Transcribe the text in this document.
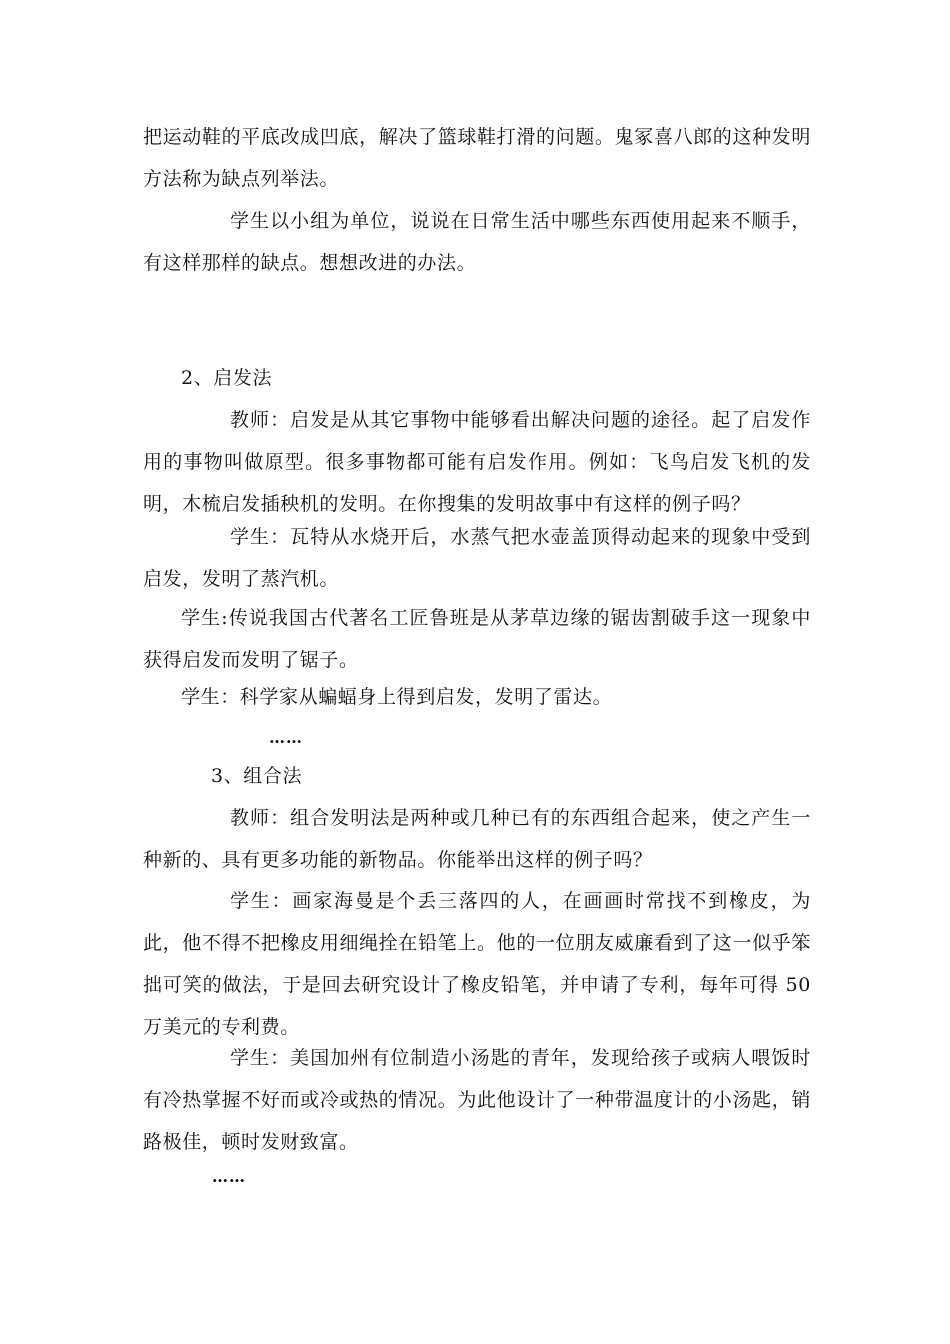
把运动鞋的平底改成凹底，解决了篮球鞋打滑的问题。鬼冢喜八郎的这种发明方法称为缺点列举法。

学生以小组为单位，说说在日常生活中哪些东西使用起来不顺手，有这样那样的缺点。想想改进的办法。

2、启发法

教师：启发是从其它事物中能够看出解决问题的途径。起了启发作用的事物叫做原型。很多事物都可能有启发作用。例如：飞鸟启发飞机的发明，木梳启发插秧机的发明。在你搜集的发明故事中有这样的例子吗？

学生：瓦特从水烧开后，水蒸气把水壶盖顶得动起来的现象中受到启发，发明了蒸汽机。

学生:传说我国古代著名工匠鲁班是从茅草边缘的锯齿割破手这一现象中获得启发而发明了锯子。

学生：科学家从蝙蝠身上得到启发，发明了雷达。

……

3、组合法

教师：组合发明法是两种或几种已有的东西组合起来，使之产生一种新的、具有更多功能的新物品。你能举出这样的例子吗？

学生：画家海曼是个丢三落四的人，在画画时常找不到橡皮，为此，他不得不把橡皮用细绳拴在铅笔上。他的一位朋友威廉看到了这一似乎笨拙可笑的做法，于是回去研究设计了橡皮铅笔，并申请了专利，每年可得 50万美元的专利费。

学生：美国加州有位制造小汤匙的青年，发现给孩子或病人喂饭时有冷热掌握不好而或冷或热的情况。为此他设计了一种带温度计的小汤匙，销路极佳，顿时发财致富。

……
